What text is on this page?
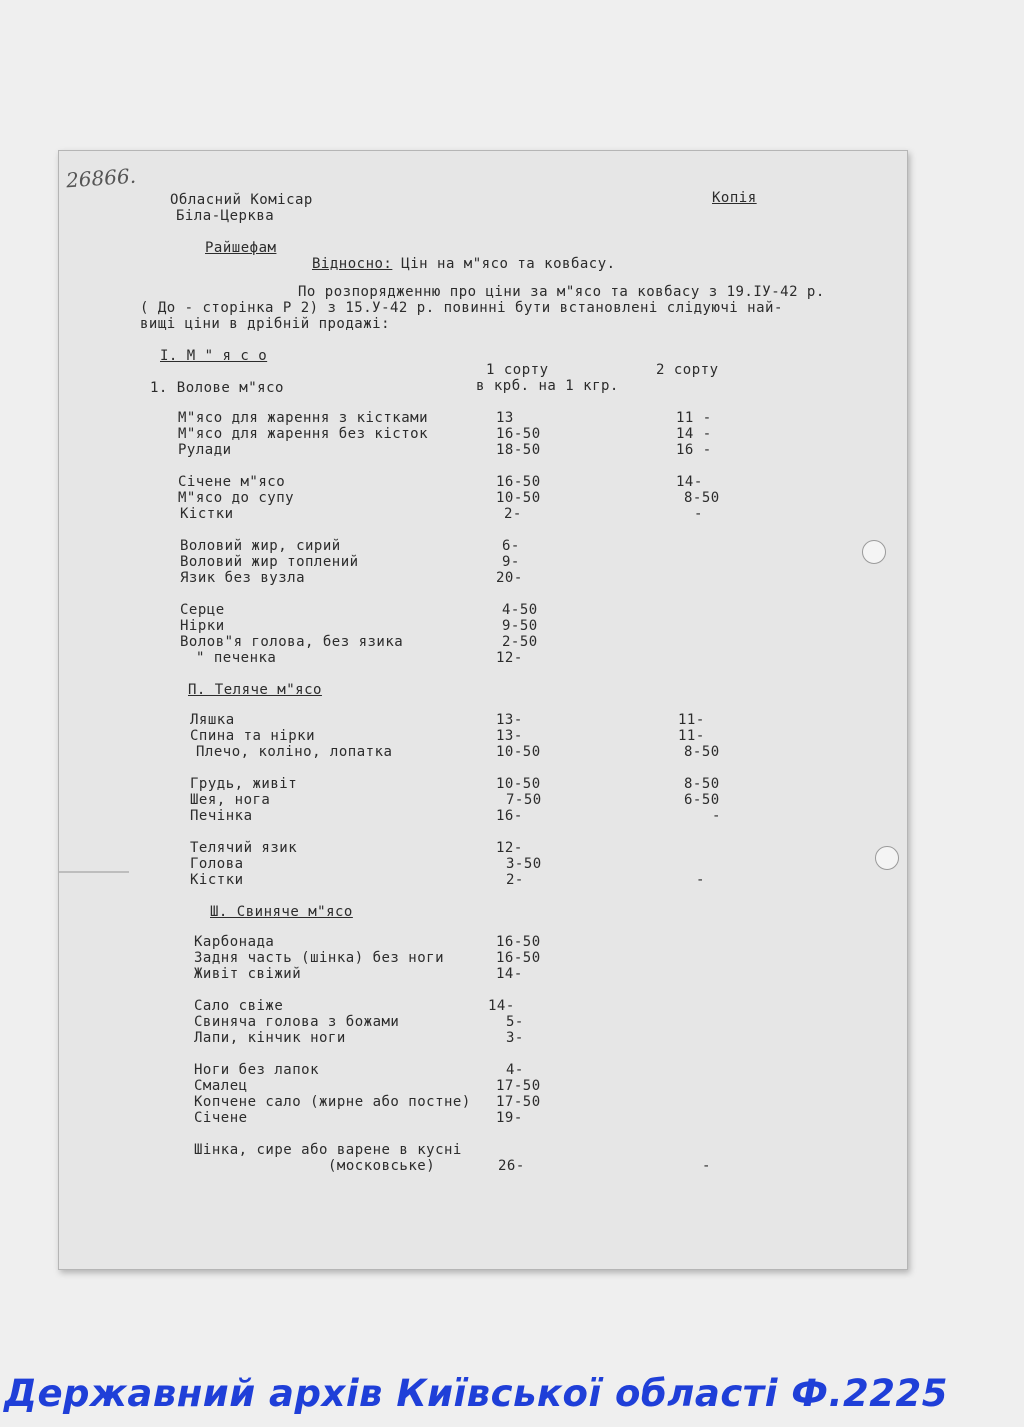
26866.
Обласний Комісар
Біла-Церква
Копія
Райшефам
Відносно: Цін на м"ясо та ковбасу.
По розпорядженню про ціни за м"ясо та ковбасу з 19.IУ-42 р.
( До - сторінка Р 2) з 15.У-42 р. повинні бути встановлені слідуючі най-
вищі ціни в дрібній продажі:
I. М " я с о
1 сорту	2 сорту
1. Волове м"ясо	в крб. на 1 кгр.
М"ясо для жарення з кістками	13	11 -
М"ясо для жарення без кісток	16-50	14 -
Рулади	18-50	16 -
Січене м"ясо	16-50	14-
М"ясо до супу	10-50	8-50
Кістки	2-	-
Воловий жир, сирий	6-
Воловий жир топлений	9-
Язик без вузла	20-
Серце	4-50
Нірки	9-50
Волов"я голова, без язика	2-50
" печенка	12-
П. Теляче м"ясо
Ляшка	13-	11-
Спина та нірки	13-	11-
Плечо, коліно, лопатка	10-50	8-50
Грудь, живіт	10-50	8-50
Шея, нога	7-50	6-50
Печінка	16-	-
Телячий язик	12-
Голова	3-50
Кістки	2-	-
Ш. Свиняче м"ясо
Карбонада	16-50
Задня часть (шінка) без ноги	16-50
Живіт свіжий	14-
Сало свіже	14-
Свиняча голова з божами	5-
Лапи, кінчик ноги	3-
Ноги без лапок	4-
Смалец	17-50
Копчене сало (жирне або постне) 17-50
Січене	19-
Шінка, сире або варене в кусні
(московське)	26-	-
Державний архів Київської області Ф.2225
